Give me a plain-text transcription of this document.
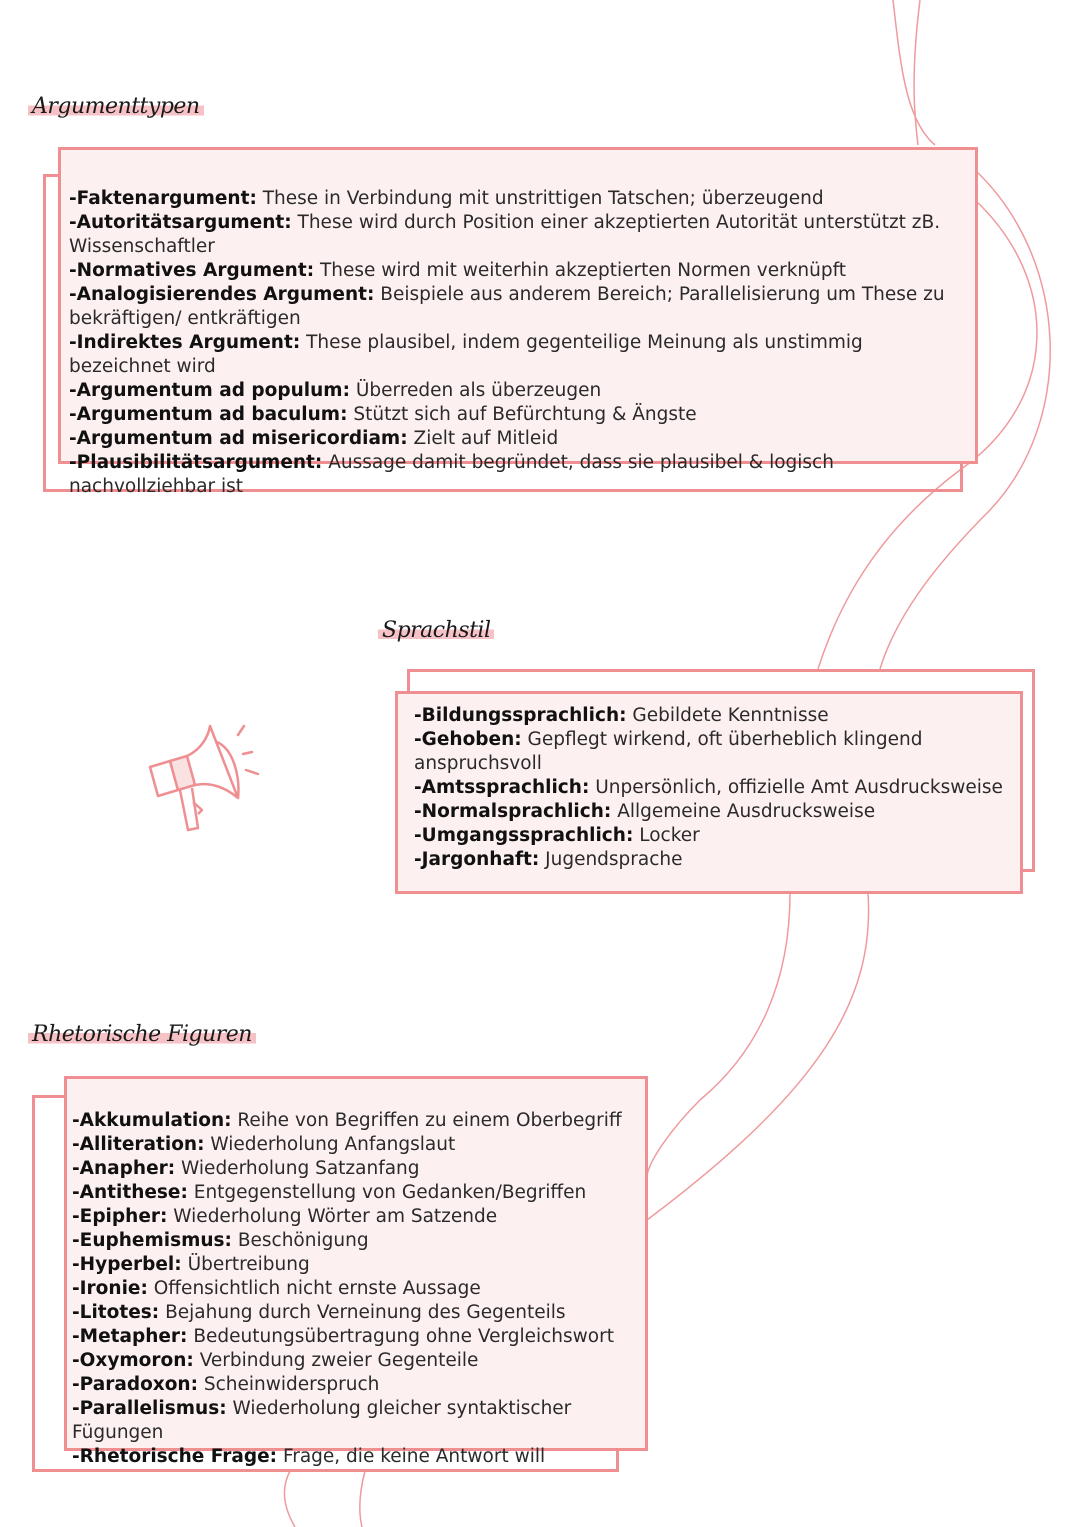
Argumenttypen
-Faktenargument: These in Verbindung mit unstrittigen Tatschen; überzeugend
-Autoritätsargument: These wird durch Position einer akzeptierten Autorität unterstützt zB. Wissenschaftler
-Normatives Argument: These wird mit weiterhin akzeptierten Normen verknüpft
-Analogisierendes Argument: Beispiele aus anderem Bereich; Parallelisierung um These zu bekräftigen/ entkräftigen
-Indirektes Argument: These plausibel, indem gegenteilige Meinung als unstimmig bezeichnet wird
-Argumentum ad populum: Überreden als überzeugen
-Argumentum ad baculum: Stützt sich auf Befürchtung & Ängste
-Argumentum ad misericordiam: Zielt auf Mitleid
-Plausibilitätsargument: Aussage damit begründet, dass sie plausibel & logisch nachvollziehbar ist
Sprachstil
-Bildungssprachlich: Gebildete Kenntnisse
-Gehoben: Gepflegt wirkend, oft überheblich klingend anspruchsvoll
-Amtssprachlich: Unpersönlich, offizielle Amt Ausdrucksweise
-Normalsprachlich: Allgemeine Ausdrucksweise
-Umgangssprachlich: Locker
-Jargonhaft: Jugendsprache
Rhetorische Figuren
-Akkumulation: Reihe von Begriffen zu einem Oberbegriff
-Alliteration: Wiederholung Anfangslaut
-Anapher: Wiederholung Satzanfang
-Antithese: Entgegenstellung von Gedanken/Begriffen
-Epipher: Wiederholung Wörter am Satzende
-Euphemismus: Beschönigung
-Hyperbel: Übertreibung
-Ironie: Offensichtlich nicht ernste Aussage
-Litotes: Bejahung durch Verneinung des Gegenteils
-Metapher: Bedeutungsübertragung ohne Vergleichswort
-Oxymoron: Verbindung zweier Gegenteile
-Paradoxon: Scheinwiderspruch
-Parallelismus: Wiederholung gleicher syntaktischer Fügungen
-Rhetorische Frage: Frage, die keine Antwort will
